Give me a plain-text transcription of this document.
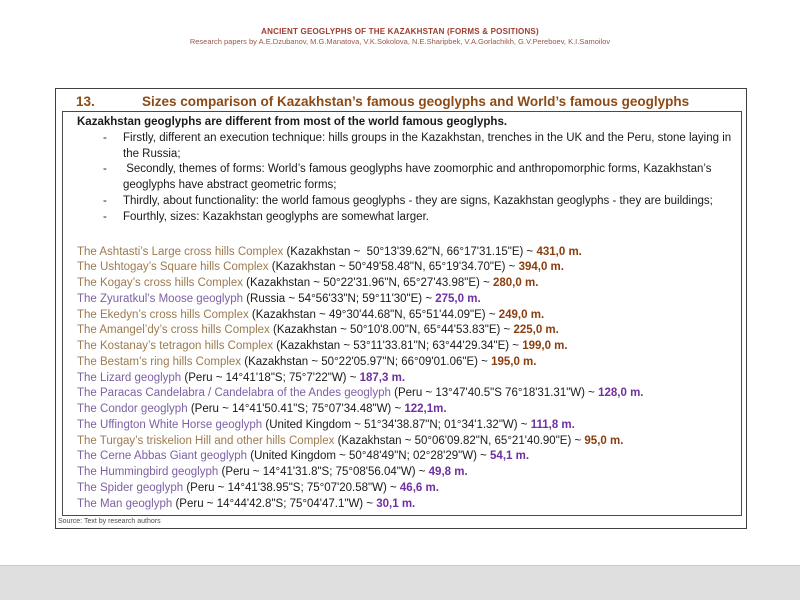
ANCIENT GEOGLYPHS OF THE KAZAKHSTAN (FORMS & POSITIONS)
Research papers by A.E.Dzubanov, M.G.Manatova, V.K.Sokolova, N.E.Sharipbek, V.A.Gorlachikh, G.V.Pereboev, K.I.Samoilov
13.	Sizes comparison of Kazakhstan’s famous geoglyphs and World’s famous geoglyphs
Kazakhstan geoglyphs are different from most of the world famous geoglyphs.
-	Firstly, different an execution technique: hills groups in the Kazakhstan, trenches in the UK and the Peru, stone laying in the Russia;
-	Secondly, themes of forms: World’s famous geoglyphs have zoomorphic and anthropomorphic forms, Kazakhstan’s  geoglyphs have abstract geometric forms;
-	Thirdly, about functionality: the world famous geoglyphs - they are signs, Kazakhstan geoglyphs - they are buildings;
-	Fourthly, sizes: Kazakhstan geoglyphs are somewhat larger.
The Ashtasti’s Large cross hills Complex (Kazakhstan ~  50°13'39.62"N, 66°17'31.15"E) ~ 431,0 m.
The Ushtogay’s Square hills Complex (Kazakhstan ~ 50°49'58.48"N, 65°19'34.70"E) ~ 394,0 m.
The Kogay’s cross hills Complex (Kazakhstan ~ 50°22'31.96"N, 65°27'43.98"E) ~ 280,0 m.
The Zyuratkul’s Moose geoglyph (Russia ~ 54°56'33"N; 59°11'30"E) ~ 275,0 m.
The Ekedyn’s cross hills Complex (Kazakhstan ~ 49°30'44.68"N, 65°51'44.09"E) ~ 249,0 m.
The Amangel’dy’s cross hills Complex (Kazakhstan ~ 50°10'8.00"N, 65°44'53.83"E) ~ 225,0 m.
The Kostanay’s tetragon hills Complex (Kazakhstan ~ 53°11'33.81"N; 63°44'29.34"E) ~ 199,0 m.
The Bestam’s ring hills Complex (Kazakhstan ~ 50°22'05.97"N; 66°09'01.06"E) ~ 195,0 m.
The Lizard geoglyph (Peru ~ 14°41'18"S; 75°7'22"W) ~ 187,3 m.
The Paracas Candelabra / Candelabra of the Andes geoglyph (Peru ~ 13°47'40.5"S 76°18'31.31"W) ~ 128,0 m.
The Condor geoglyph (Peru ~ 14°41'50.41"S; 75°07'34.48"W) ~ 122,1m.
The Uffington White Horse geoglyph (United Kingdom ~ 51°34'38.87"N; 01°34'1.32"W) ~ 111,8 m.
The Turgay’s triskelion Hill and other hills Complex (Kazakhstan ~ 50°06'09.82"N, 65°21'40.90"E) ~ 95,0 m.
The Cerne Abbas Giant geoglyph (United Kingdom ~ 50°48'49"N; 02°28'29"W) ~ 54,1 m.
The Hummingbird geoglyph (Peru ~ 14°41'31.8"S; 75°08'56.04"W) ~ 49,8 m.
The Spider geoglyph (Peru ~ 14°41'38.95"S; 75°07'20.58"W) ~ 46,6 m.
The Man geoglyph (Peru ~ 14°44'42.8"S; 75°04'47.1"W) ~ 30,1 m.
Source: Text by research authors
